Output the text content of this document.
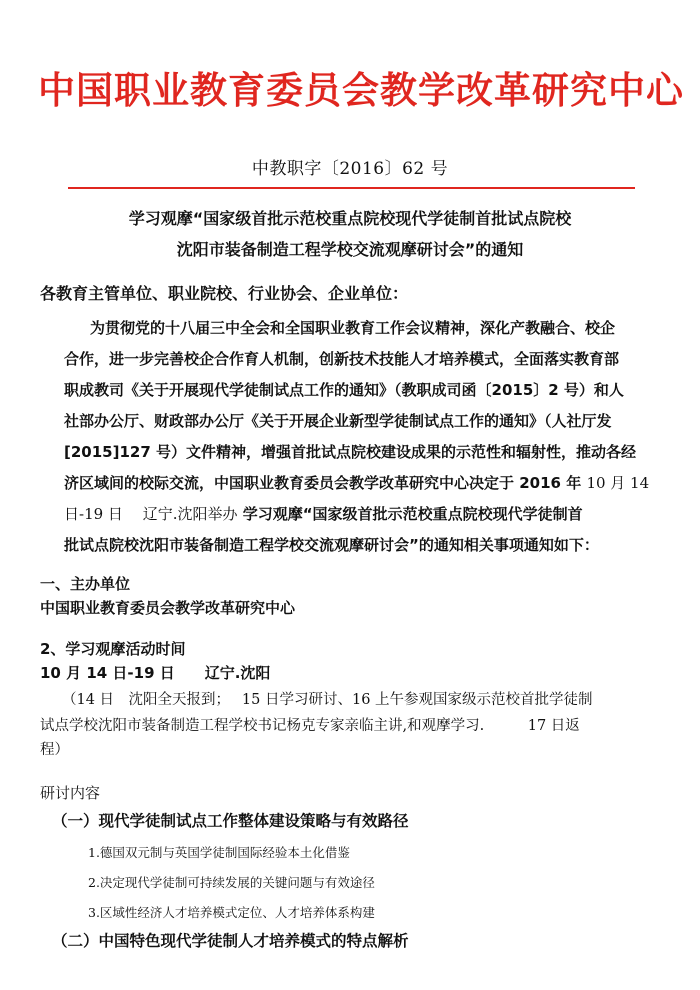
中国职业教育委员会教学改革研究中心
中教职字〔2016〕62 号
学习观摩“国家级首批示范校重点院校现代学徒制首批试点院校
沈阳市装备制造工程学校交流观摩研讨会”的通知
各教育主管单位、职业院校、行业协会、企业单位：
为贯彻党的十八届三中全会和全国职业教育工作会议精神，深化产教融合、校企
合作，进一步完善校企合作育人机制，创新技术技能人才培养模式，全面落实教育部
职成教司《关于开展现代学徒制试点工作的通知》（教职成司函〔2015〕2 号）和人
社部办公厅、财政部办公厅《关于开展企业新型学徒制试点工作的通知》（人社厅发
[2015]127 号）文件精神，增强首批试点院校建设成果的示范性和辐射性，推动各经
济区域间的校际交流，中国职业教育委员会教学改革研究中心决定于 2016 年 10 月 14
日-19 日　 辽宁.沈阳举办 学习观摩“国家级首批示范校重点院校现代学徒制首
批试点院校沈阳市装备制造工程学校交流观摩研讨会”的通知相关事项通知如下：
一、主办单位
中国职业教育委员会教学改革研究中心
2、学习观摩活动时间
10 月 14 日-19 日　　辽宁.沈阳
（14 日　沈阳全天报到；　 15 日学习研讨、16 上午参观国家级示范校首批学徒制
试点学校沈阳市装备制造工程学校书记杨克专家亲临主讲,和观摩学习.　　　17 日返
程）
研讨内容
（一）现代学徒制试点工作整体建设策略与有效路径
1.德国双元制与英国学徒制国际经验本土化借鉴
2.决定现代学徒制可持续发展的关键问题与有效途径
3.区域性经济人才培养模式定位、人才培养体系构建
（二）中国特色现代学徒制人才培养模式的特点解析
